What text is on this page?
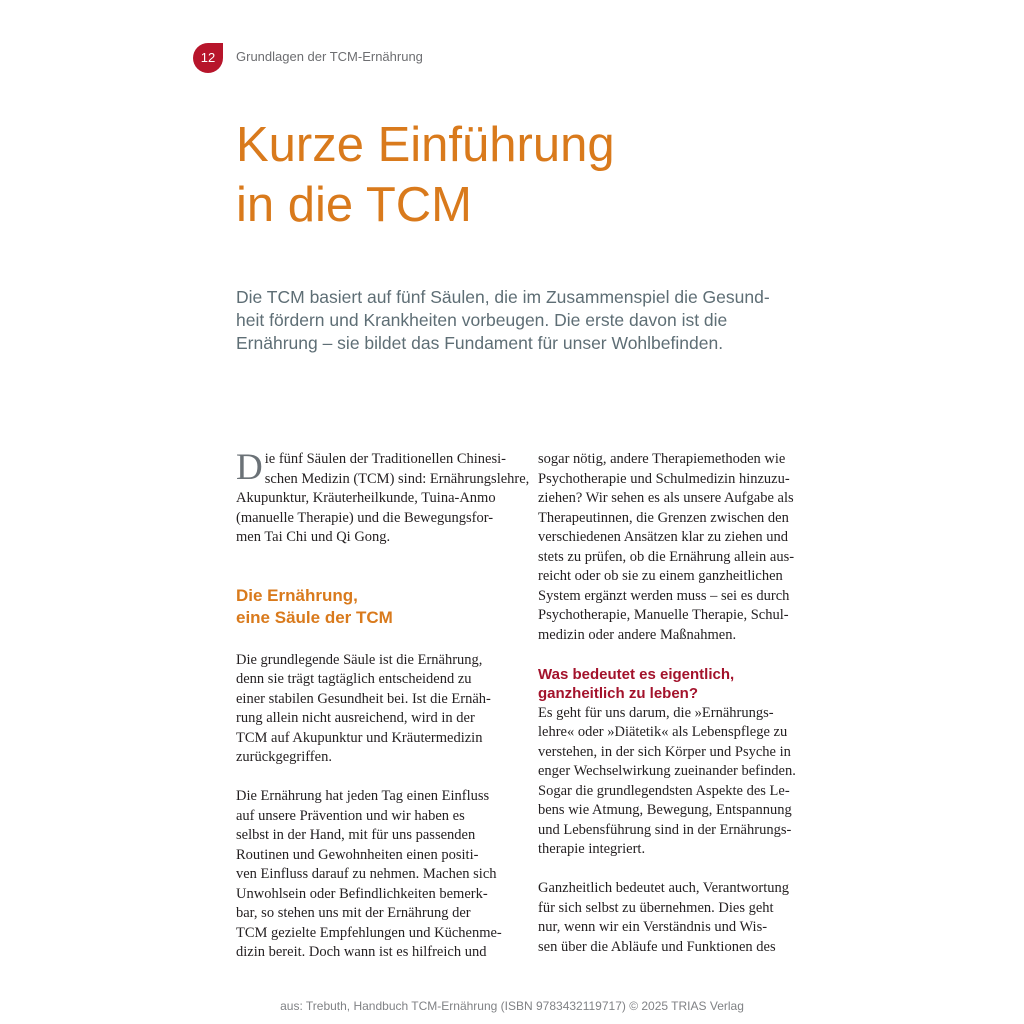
12	Grundlagen der TCM-Ernährung
Kurze Einführung
in die TCM
Die TCM basiert auf fünf Säulen, die im Zusammenspiel die Gesund-
heit fördern und Krankheiten vorbeugen. Die erste davon ist die
Ernährung – sie bildet das Fundament für unser Wohlbefinden.

D ie fünf Säulen der Traditionellen Chinesi-
schen Medizin (TCM) sind: Ernährungslehre,
Akupunktur, Kräuterheilkunde, Tuina-Anmo
(manuelle Therapie) und die Bewegungsfor-
men Tai Chi und Qi Gong.

Die Ernährung,
eine Säule der TCM

Die grundlegende Säule ist die Ernährung,
denn sie trägt tagtäglich entscheidend zu
einer stabilen Gesundheit bei. Ist die Ernäh-
rung allein nicht ausreichend, wird in der
TCM auf Akupunktur und Kräutermedizin
zurückgegriffen.

Die Ernährung hat jeden Tag einen Einfluss
auf unsere Prävention und wir haben es
selbst in der Hand, mit für uns passenden
Routinen und Gewohnheiten einen positi-
ven Einfluss darauf zu nehmen. Machen sich
Unwohlsein oder Befindlichkeiten bemerk-
bar, so stehen uns mit der Ernährung der
TCM gezielte Empfehlungen und Küchenme-
dizin bereit. Doch wann ist es hilfreich und

sogar nötig, andere Therapiemethoden wie
Psychotherapie und Schulmedizin hinzuzu-
ziehen? Wir sehen es als unsere Aufgabe als
Therapeutinnen, die Grenzen zwischen den
verschiedenen Ansätzen klar zu ziehen und
stets zu prüfen, ob die Ernährung allein aus-
reicht oder ob sie zu einem ganzheitlichen
System ergänzt werden muss – sei es durch
Psychotherapie, Manuelle Therapie, Schul-
medizin oder andere Maßnahmen.

Was bedeutet es eigentlich,
ganzheitlich zu leben?

Es geht für uns darum, die »Ernährungs-
lehre« oder »Diätetik« als Lebenspflege zu
verstehen, in der sich Körper und Psyche in
enger Wechselwirkung zueinander befinden.
Sogar die grundlegendsten Aspekte des Le-
bens wie Atmung, Bewegung, Entspannung
und Lebensführung sind in der Ernährungs-
therapie integriert.

Ganzheitlich bedeutet auch, Verantwortung
für sich selbst zu übernehmen. Dies geht
nur, wenn wir ein Verständnis und Wis-
sen über die Abläufe und Funktionen des

aus: Trebuth, Handbuch TCM-Ernährung (ISBN 9783432119717) © 2025 TRIAS Verlag
